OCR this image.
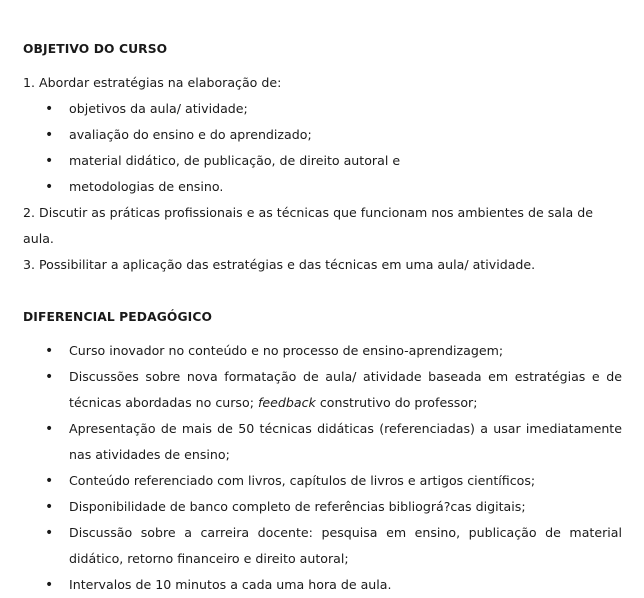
OBJETIVO DO CURSO
1. Abordar estratégias na elaboração de:
• objetivos da aula/ atividade;
• avaliação do ensino e do aprendizado;
• material didático, de publicação, de direito autoral e
• metodologias de ensino.
2. Discutir as práticas profissionais e as técnicas que funcionam nos ambientes de sala de aula.
3. Possibilitar a aplicação das estratégias e das técnicas em uma aula/ atividade.
DIFERENCIAL PEDAGÓGICO
• Curso inovador no conteúdo e no processo de ensino-aprendizagem;
• Discussões sobre nova formatação de aula/ atividade baseada em estratégias e de técnicas abordadas no curso; feedback construtivo do professor;
• Apresentação de mais de 50 técnicas didáticas (referenciadas) a usar imediatamente nas atividades de ensino;
• Conteúdo referenciado com livros, capítulos de livros e artigos científicos;
• Disponibilidade de banco completo de referências bibliográ?cas digitais;
• Discussão sobre a carreira docente: pesquisa em ensino, publicação de material didático, retorno financeiro e direito autoral;
• Intervalos de 10 minutos a cada uma hora de aula.
